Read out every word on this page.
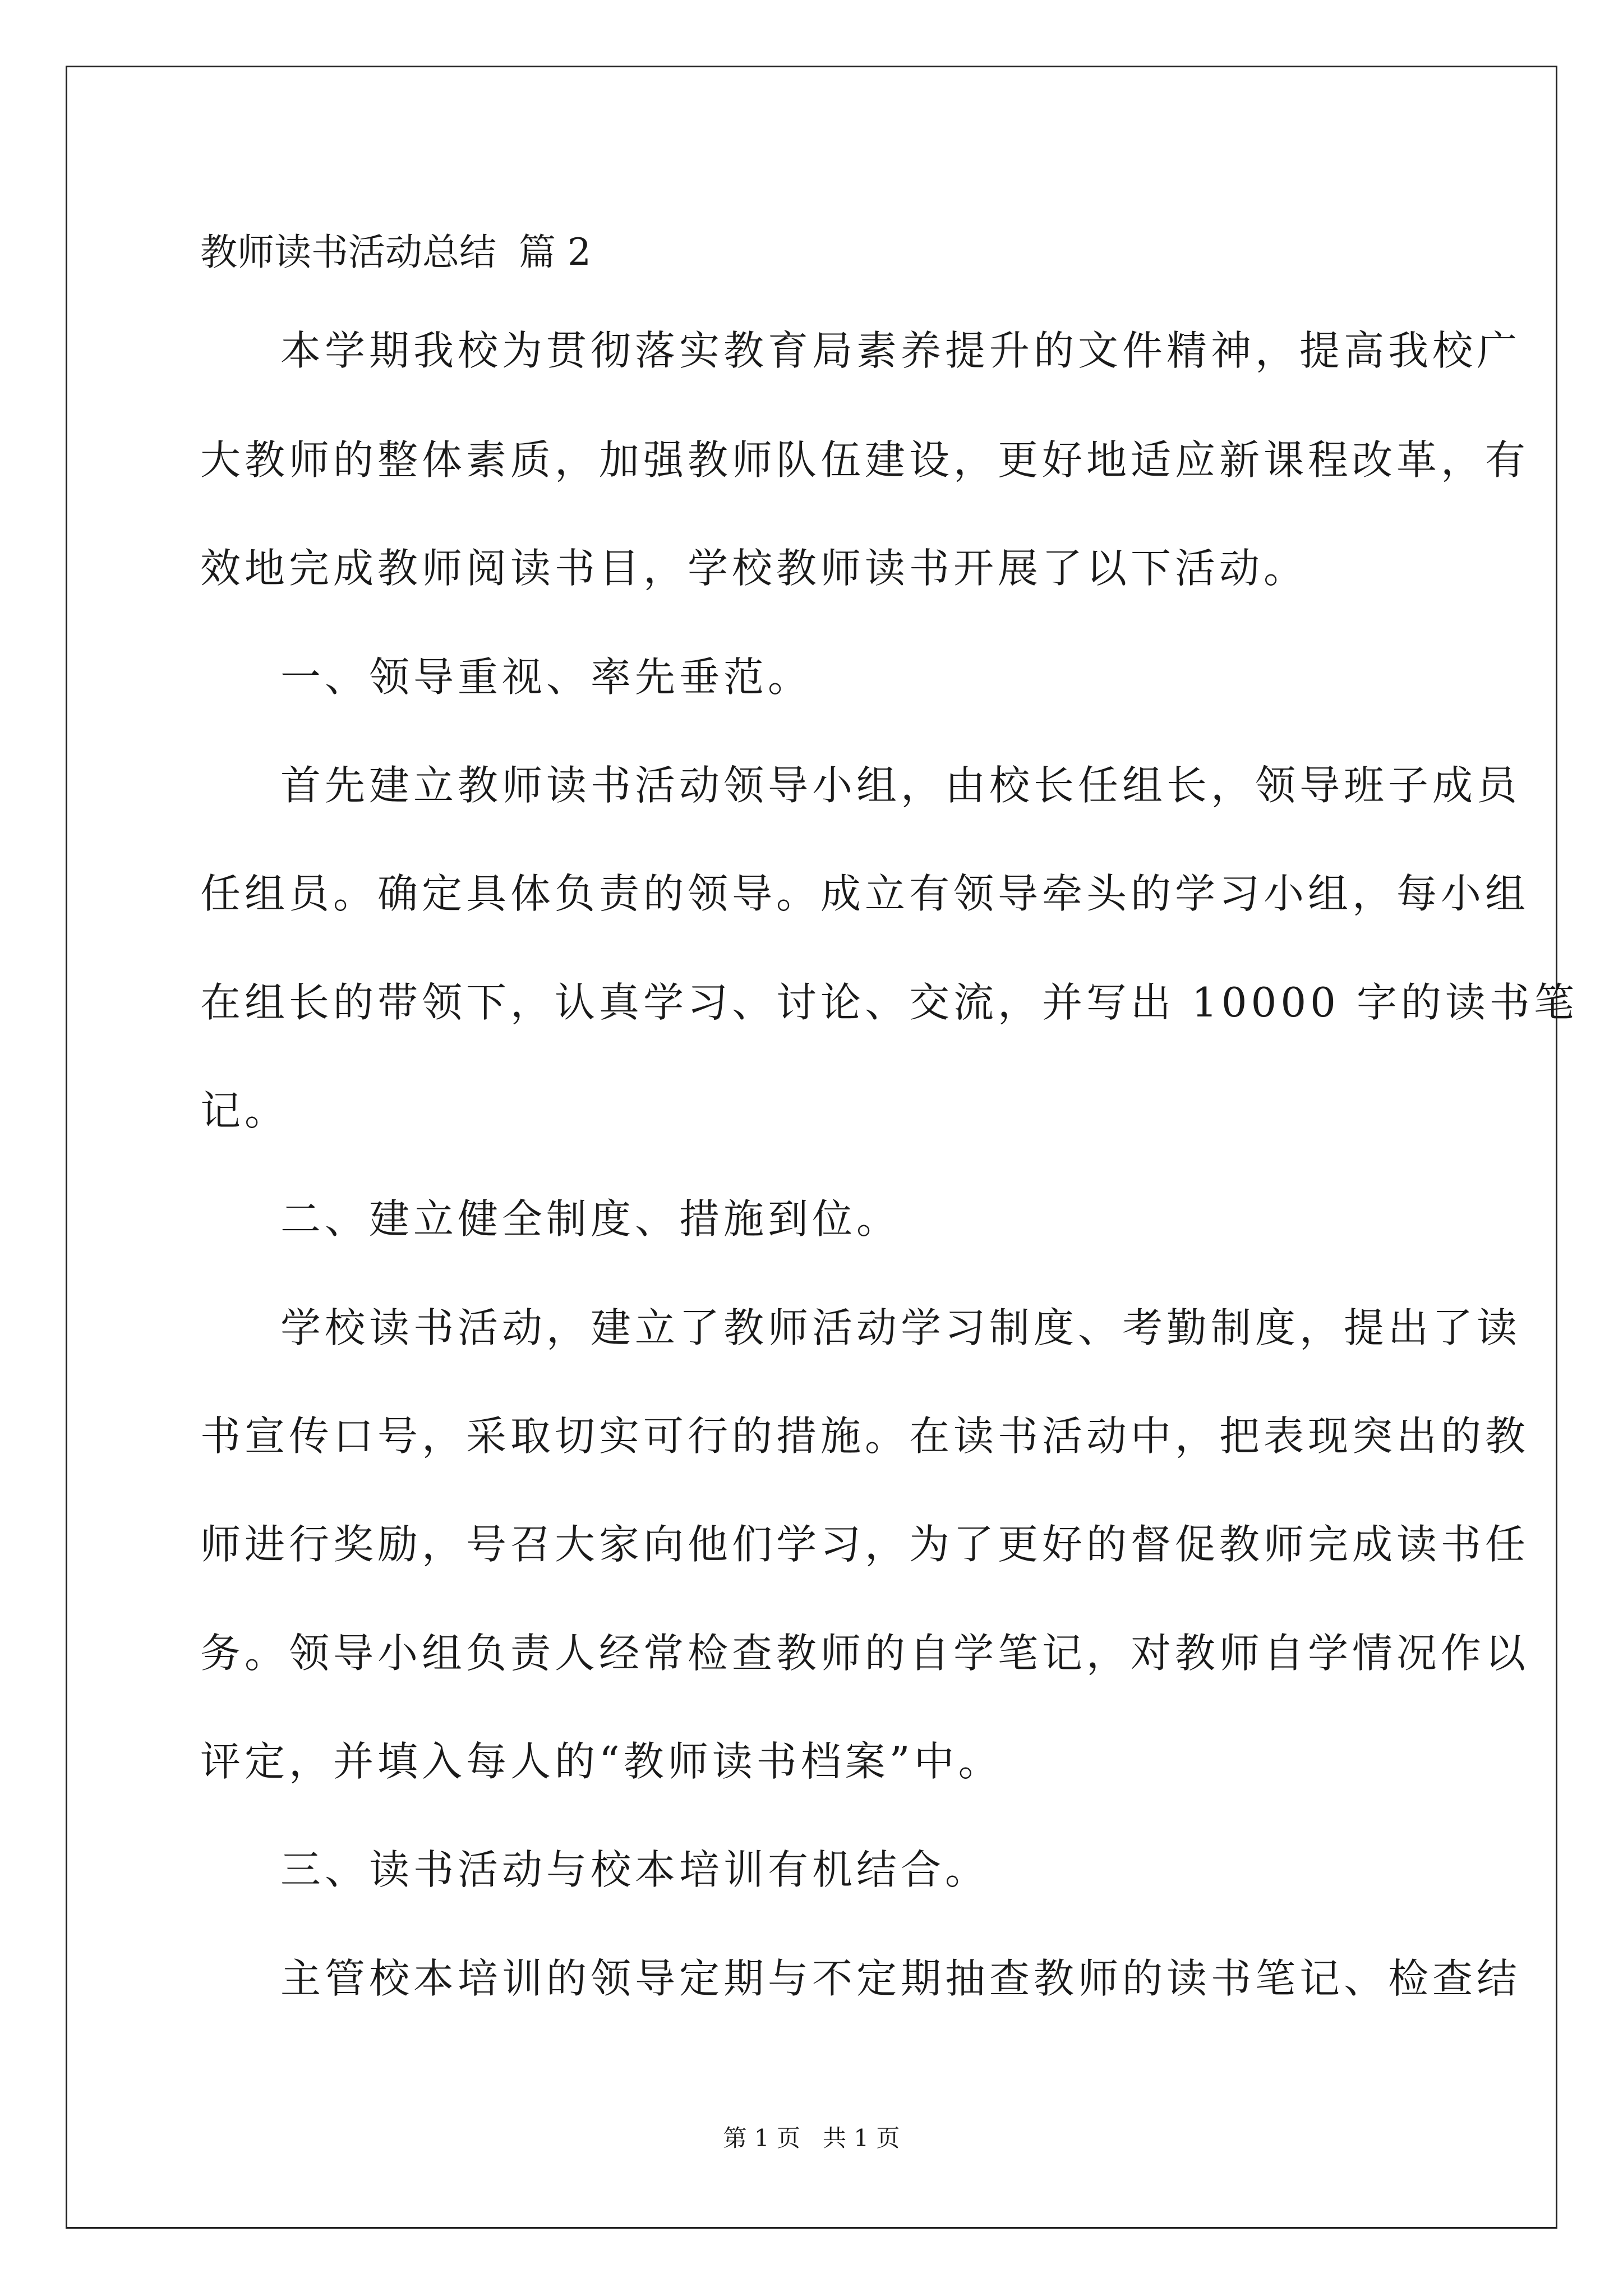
教师读书活动总结 篇 2
本学期我校为贯彻落实教育局素养提升的文件精神，提高我校广
大教师的整体素质，加强教师队伍建设，更好地适应新课程改革，有
效地完成教师阅读书目，学校教师读书开展了以下活动。
一、领导重视、率先垂范。
首先建立教师读书活动领导小组，由校长任组长，领导班子成员
任组员。确定具体负责的领导。成立有领导牵头的学习小组，每小组
在组长的带领下，认真学习、讨论、交流，并写出 10000 字的读书笔
记。
二、建立健全制度、措施到位。
学校读书活动，建立了教师活动学习制度、考勤制度，提出了读
书宣传口号，采取切实可行的措施。在读书活动中，把表现突出的教
师进行奖励，号召大家向他们学习，为了更好的督促教师完成读书任
务。领导小组负责人经常检查教师的自学笔记，对教师自学情况作以
评定，并填入每人的“教师读书档案”中。
三、读书活动与校本培训有机结合。
主管校本培训的领导定期与不定期抽查教师的读书笔记、检查结
第 1 页 共 1 页
